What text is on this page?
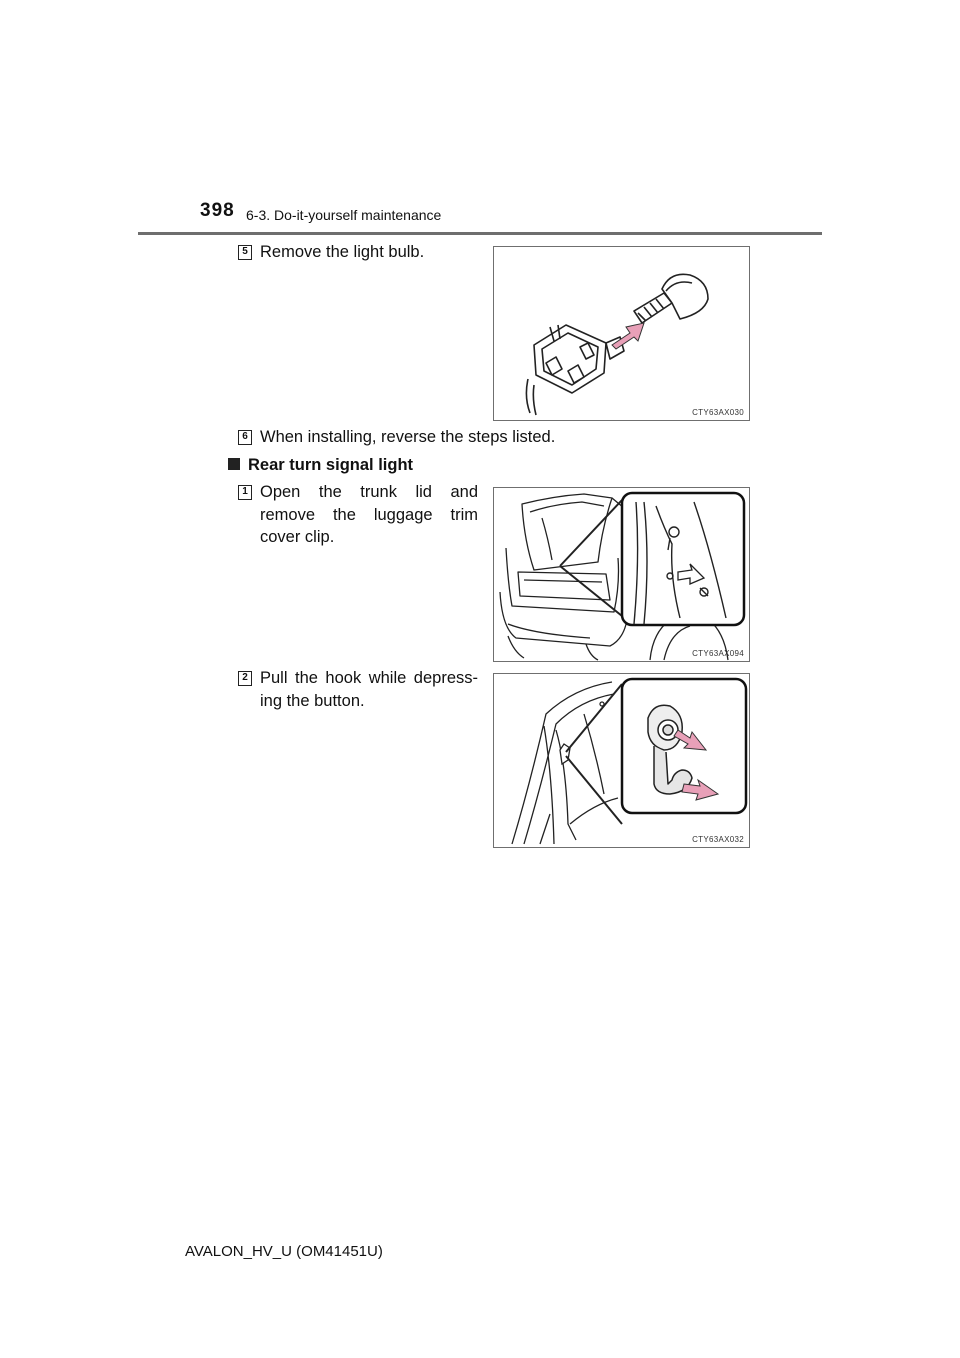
398 6-3. Do-it-yourself maintenance
5 Remove the light bulb.
CTY63AX030
6 When installing, reverse the steps listed.
Rear turn signal light
1 Open the trunk lid and remove the luggage trim cover clip.
CTY63AX094
2 Pull the hook while depress-ing the button.
CTY63AX032
AVALON_HV_U (OM41451U)
